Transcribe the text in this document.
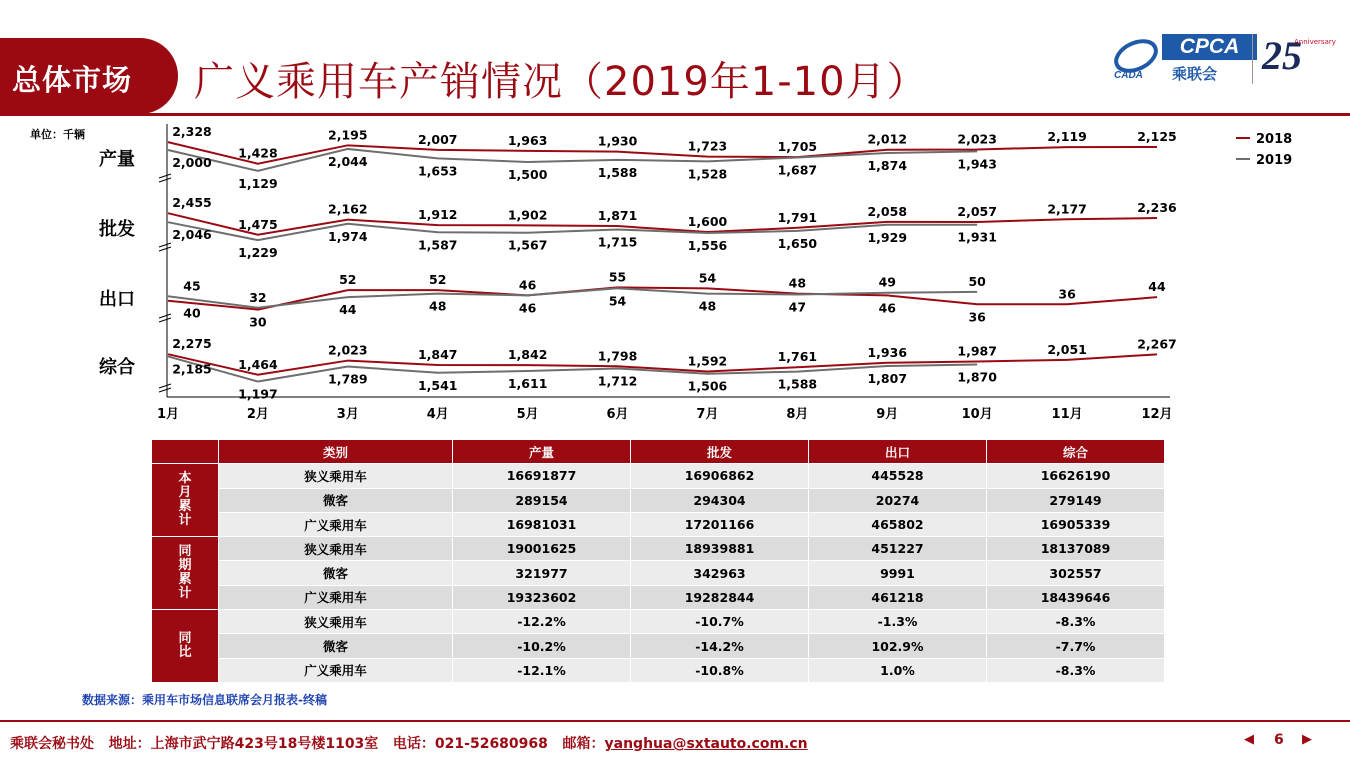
总体市场 广义乘用车产销情况（2019年1-10月）	CADA
CPCA
乘联会 25
Anniversary
单位：千辆
产量
2,328
2,000
1,428
1,129
2,195
2,044
2,007
1,653
1,963
1,500
1,930
1,588
1,723
1,528
1,705
1,687
2,012
1,874
2,023
1,943
2,119	2,125
批发
2,455
2,046
1,475
1,229
2,162
1,974
1,912
1,587
1,902
1,567
1,871
1,715
1,600
1,556
1,791
1,650
2,058
1,929
2,057
1,931
2,177	2,236
出口
45
40
32
30
52
44
52
48
46
46
55
54
54
48
48
47
49
46
50
36
36	44
综合
2,275
2,185 1,464
1,197
2,023
1,789
1,847
1,541
1,842
1,611
1,798
1,712
1,592
1,506
1,761
1,588
1,936
1,807
1,987
1,870
2,051	2,267
1月	2月	3月	4月	5月	6月	7月	8月	9月	10月	11月	12月
2018
2019
	类别	产量	批发	出口	综合
本
月
累
计	狭义乘用车	16691877	16906862	445528	16626190
	微客	289154	294304	20274	279149
	广义乘用车	16981031	17201166	465802	16905339
同
期
累
计	狭义乘用车	19001625	18939881	451227	18137089
	微客	321977	342963	9991	302557
	广义乘用车	19323602	19282844	461218	18439646
同
比	狭义乘用车	-12.2%	-10.7%	-1.3%	-8.3%
	微客	-10.2%	-14.2%	102.9%	-7.7%
	广义乘用车	-12.1%	-10.8%	1.0%	-8.3%
数据来源：乘用车市场信息联席会月报表-终稿
乘联会秘书处 地址：上海市武宁路423号18号楼1103室 电话：021-52680968 邮箱：yanghua@sxtauto.com.cn	◀ 6 ▶
